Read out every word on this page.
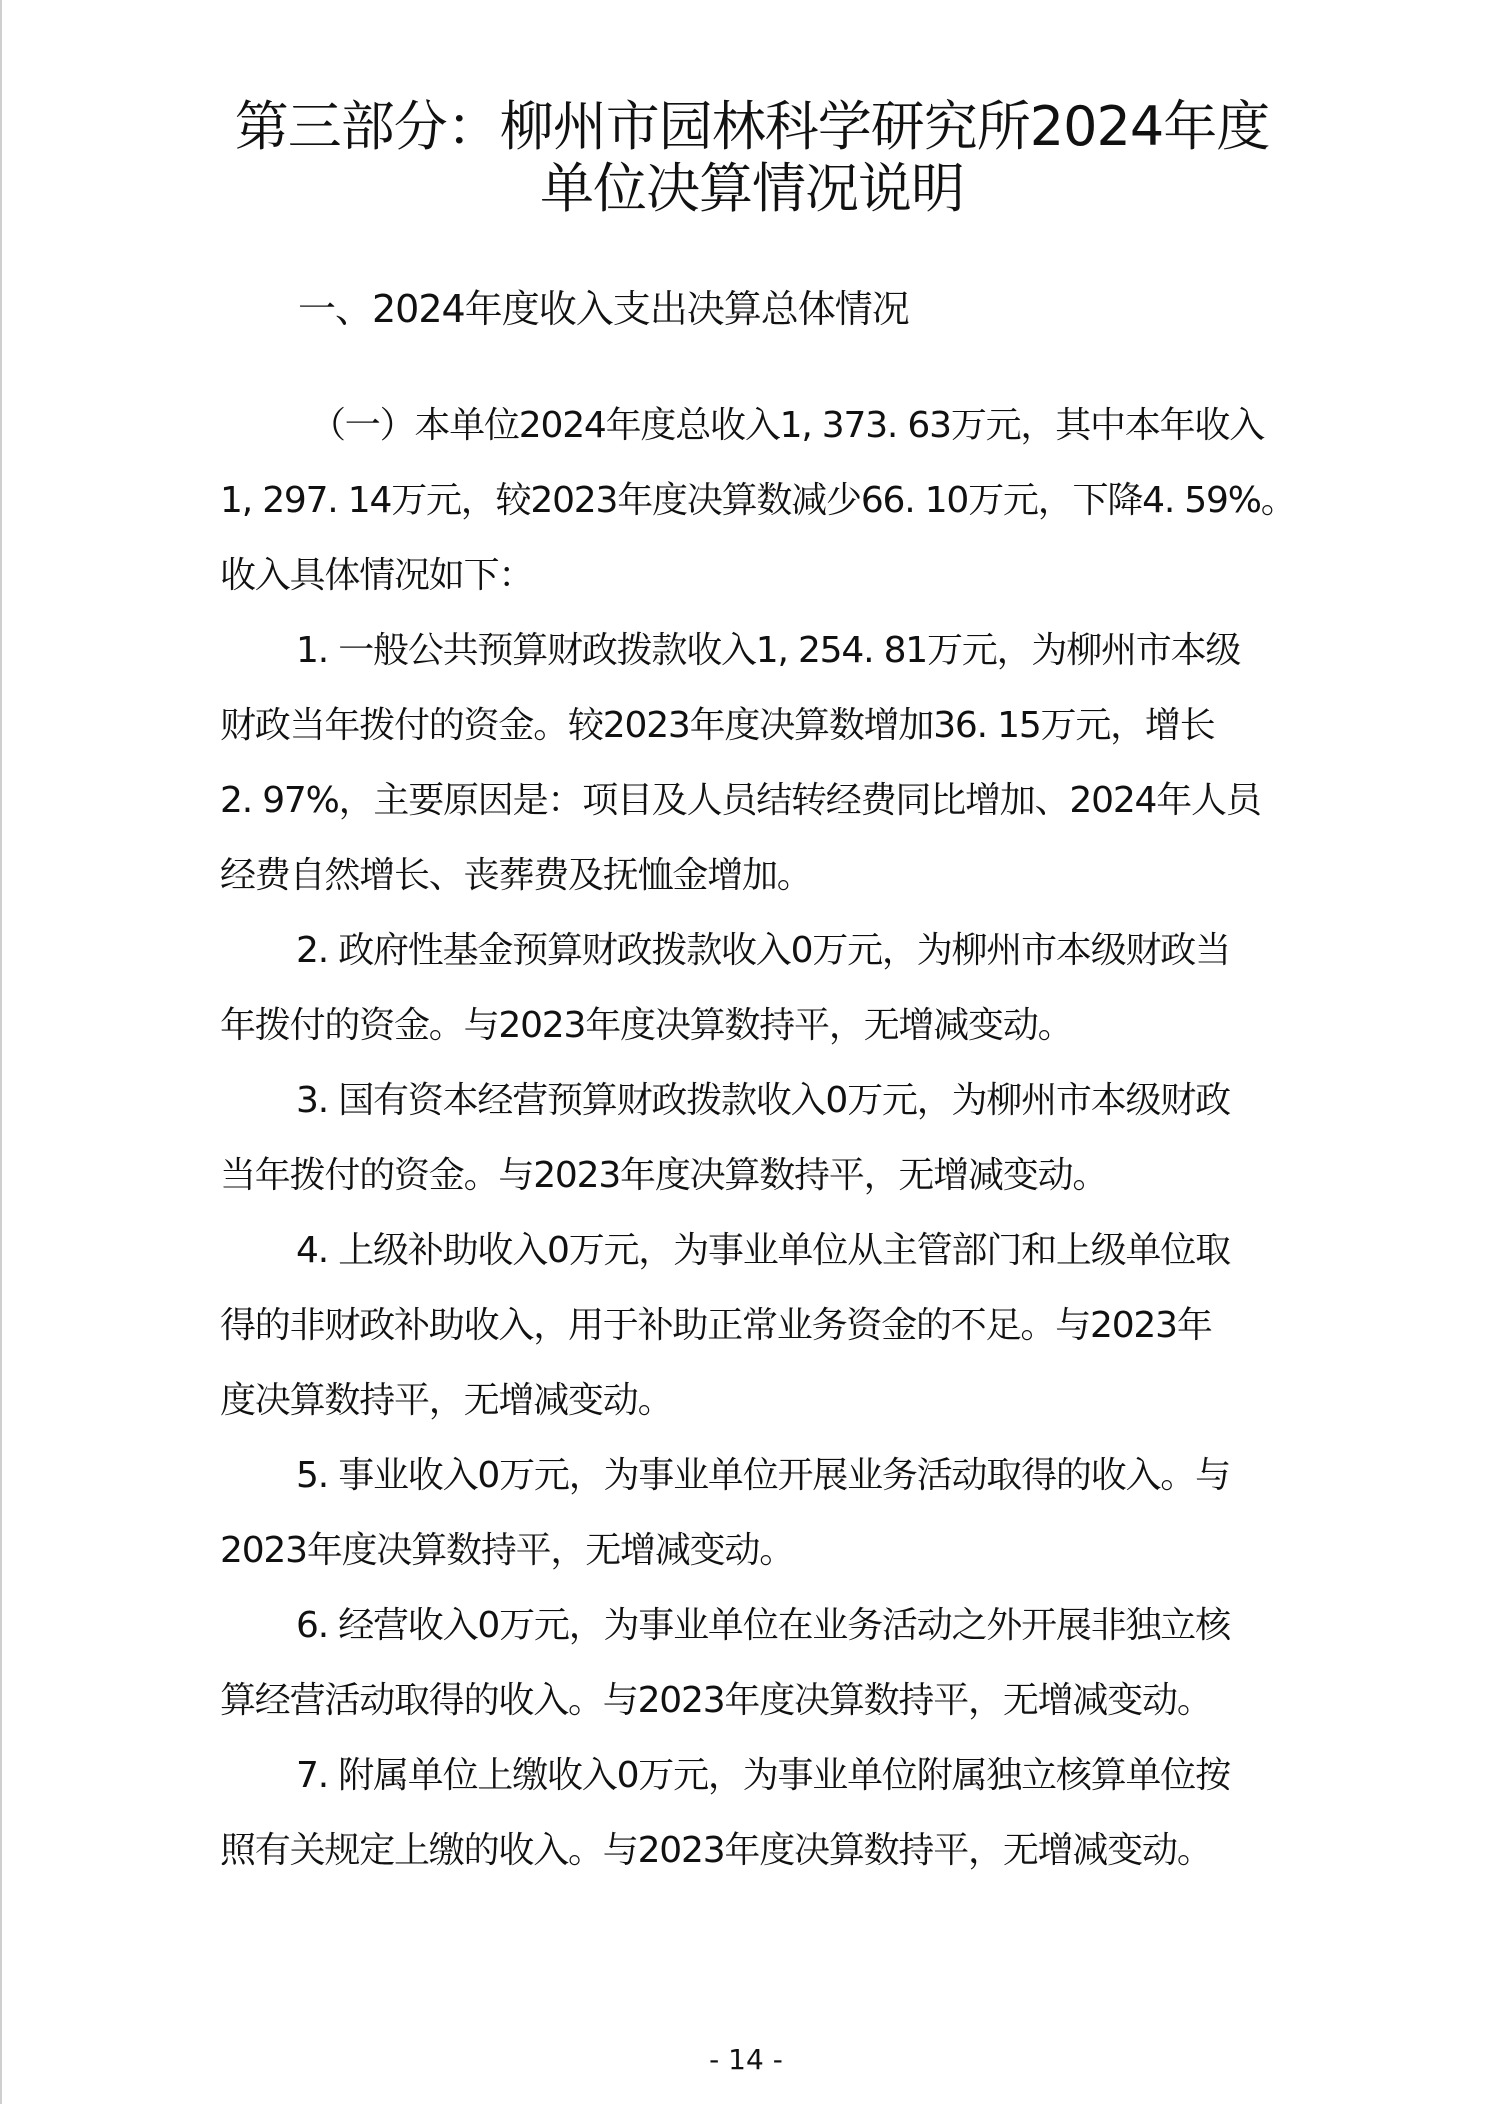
第三部分：柳州市园林科学研究所2024年度
单位决算情况说明
一、2024年度收入支出决算总体情况

（一）本单位2024年度总收入1, 373. 63万元，其中本年收入
1, 297. 14万元，较2023年度决算数减少66. 10万元，下降4. 59%。
收入具体情况如下：

1. 一般公共预算财政拨款收入1, 254. 81万元，为柳州市本级
财政当年拨付的资金。较2023年度决算数增加36. 15万元，增长
2. 97%，主要原因是：项目及人员结转经费同比增加、2024年人员
经费自然增长、丧葬费及抚恤金增加。

2. 政府性基金预算财政拨款收入0万元，为柳州市本级财政当
年拨付的资金。与2023年度决算数持平，无增减变动。

3. 国有资本经营预算财政拨款收入0万元，为柳州市本级财政
当年拨付的资金。与2023年度决算数持平，无增减变动。

4. 上级补助收入0万元，为事业单位从主管部门和上级单位取
得的非财政补助收入，用于补助正常业务资金的不足。与2023年
度决算数持平，无增减变动。

5. 事业收入0万元，为事业单位开展业务活动取得的收入。与
2023年度决算数持平，无增减变动。

6. 经营收入0万元，为事业单位在业务活动之外开展非独立核
算经营活动取得的收入。与2023年度决算数持平，无增减变动。

7. 附属单位上缴收入0万元，为事业单位附属独立核算单位按
照有关规定上缴的收入。与2023年度决算数持平，无增减变动。

- 14 -
